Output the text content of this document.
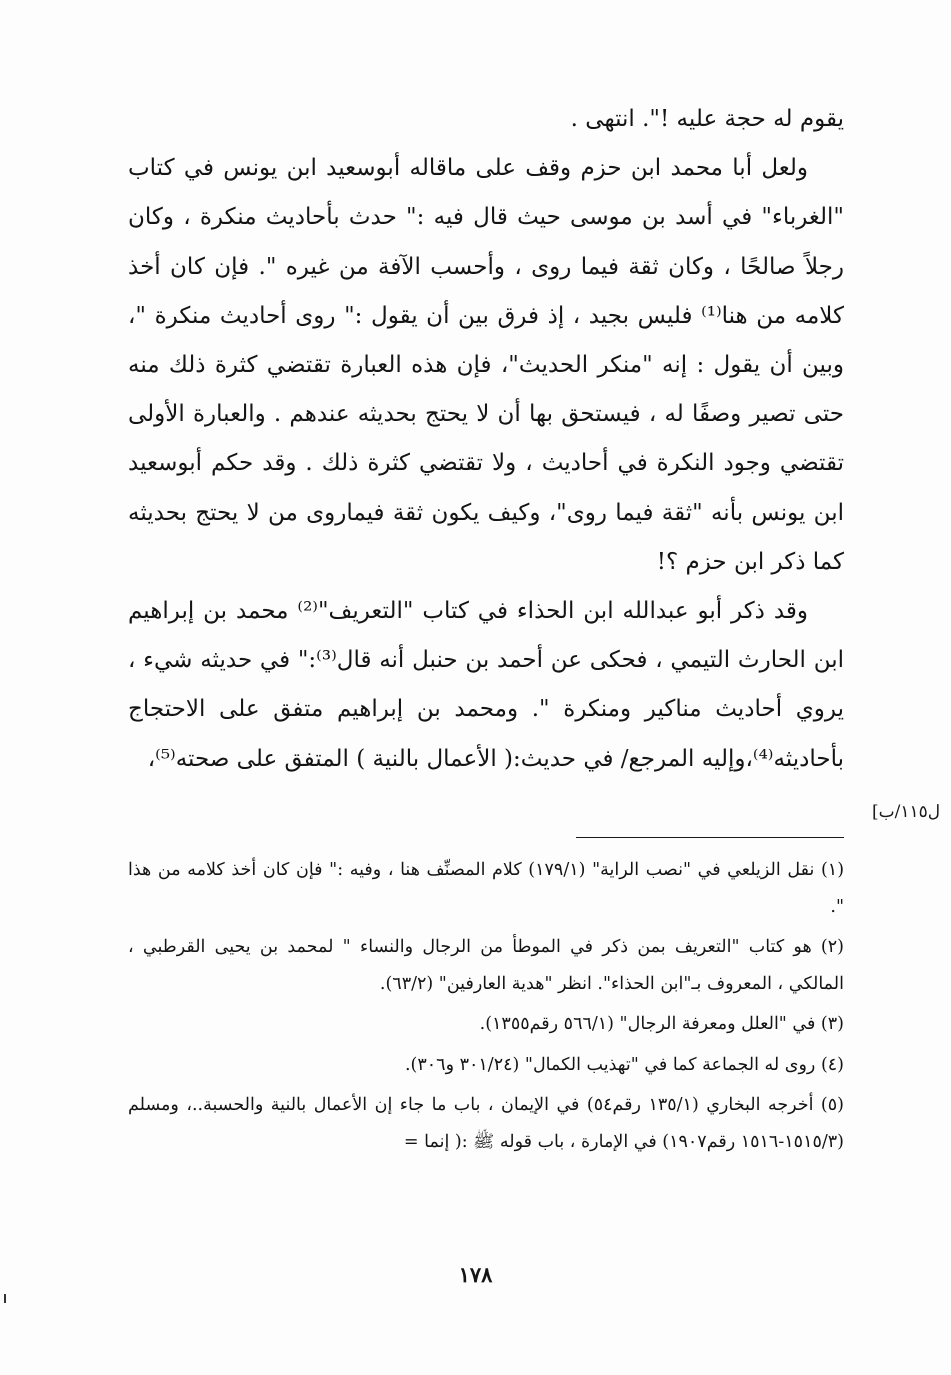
يقوم له حجة عليه !". انتهى .

ولعل أبا محمد ابن حزم وقف على ماقاله أبوسعيد ابن يونس في كتاب "الغرباء" في أسد بن موسى حيث قال فيه :" حدث بأحاديث منكرة ، وكان رجلاً صالحًا ، وكان ثقة فيما روى ، وأحسب الآفة من غيره ". فإن كان أخذ كلامه من هنا⁽¹⁾ فليس بجيد ، إذ فرق بين أن يقول :" روى أحاديث منكرة "، وبين أن يقول : إنه "منكر الحديث"، فإن هذه العبارة تقتضي كثرة ذلك منه حتى تصير وصفًا له ، فيستحق بها أن لا يحتج بحديثه عندهم . والعبارة الأولى تقتضي وجود النكرة في أحاديث ، ولا تقتضي كثرة ذلك . وقد حكم أبوسعيد ابن يونس بأنه "ثقة فيما روى"، وكيف يكون ثقة فيماروى من لا يحتج بحديثه كما ذكر ابن حزم ؟!

وقد ذكر أبو عبدالله ابن الحذاء في كتاب "التعريف"⁽²⁾ محمد بن إبراهيم ابن الحارث التيمي ، فحكى عن أحمد بن حنبل أنه قال⁽³⁾:" في حديثه شيء ، يروي أحاديث مناكير ومنكرة ". ومحمد بن إبراهيم متفق على الاحتجاج بأحاديثه⁽⁴⁾،وإليه المرجع/ في حديث:( الأعمال بالنية ) المتفق على صحته⁽⁵⁾،

ل١١٥/ب]

(١) نقل الزيلعي في "نصب الراية" (١٧٩/١) كلام المصنِّف هنا ، وفيه :" فإن كان أخذ كلامه من هذا ".

(٢) هو كتاب "التعريف بمن ذكر في الموطأ من الرجال والنساء " لمحمد بن يحيى القرطبي ، المالكي ، المعروف بـ"ابن الحذاء". انظر "هدية العارفين" (٦٣/٢).

(٣) في "العلل ومعرفة الرجال" (٥٦٦/١ رقم١٣٥٥).

(٤) روى له الجماعة كما في "تهذيب الكمال" (٣٠١/٢٤ و٣٠٦).

(٥) أخرجه البخاري (١٣٥/١ رقم٥٤) في الإيمان ، باب ما جاء إن الأعمال بالنية والحسبة..، ومسلم (١٥١٥/٣-١٥١٦ رقم١٩٠٧) في الإمارة ، باب قوله ﷺ :( إنما =

١٧٨
